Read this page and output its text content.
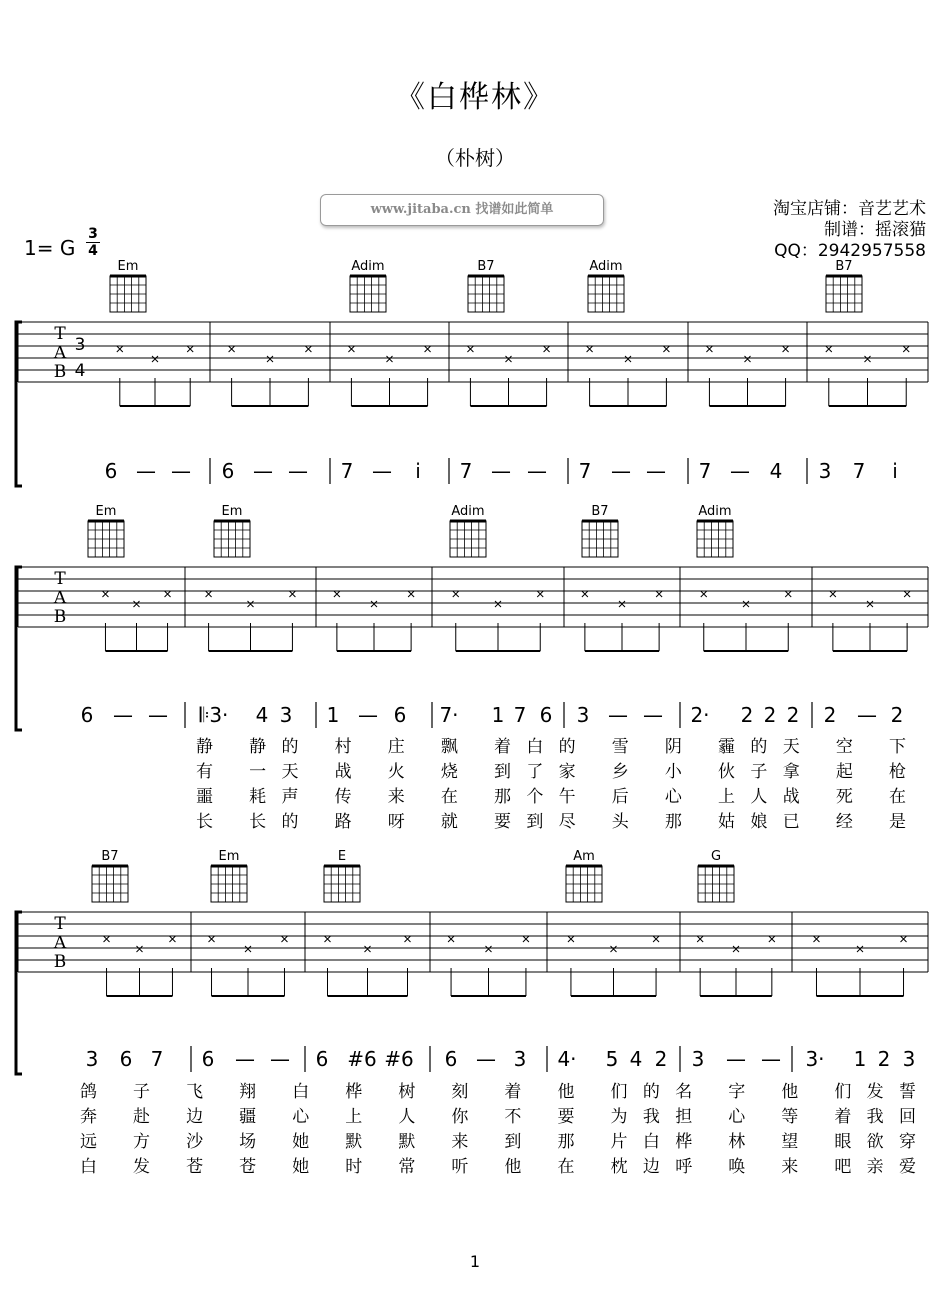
《白桦林》
（朴树）
www.jitaba.cn 找谱如此简单	淘宝店铺：音艺艺术
制谱：摇滚猫
QQ：2942957558
1= G $\frac{3}{4}$
1
T
A
B
3
4
Em	Adim	B7	Adim	B7
6 — — 6 — — 7 — i 7 — — 7 — — 7 — 4 3 7 i
T
A
B
Em	Em	Adim	B7	Adim
6 — — 𝄆3· 4 3 1 — 6 7· 1 7 6 3 — — 2· 2 2 2 2 — 2
静 静的 村 庄 飘 着白的 雪 阴 霾的天 空 下
有 一天 战 火 烧 到了家 乡 小 伙子拿 起 枪
噩 耗声 传 来 在 那个午 后 心 上人战 死 在
长 长的 路 呀 就 要到尽 头 那 姑娘已 经 是
T
A
B
B7	Em	E	Am	G
3 6 7 6 — — 6 #6 #6 6 — 3 4· 5 4 2 3 — — 3· 1 2 3
鸽 子 飞 翔 白 桦 树 刻 着 他 们的名 字 他 们发誓
奔 赴 边 疆 心 上 人 你 不 要 为我担 心 等 着我回
远 方 沙 场 她 默 默 来 到 那 片白桦 林 望 眼欲穿
白 发 苍 苍 她 时 常 听 他 在 枕边呼 唤 来 吧亲爱
